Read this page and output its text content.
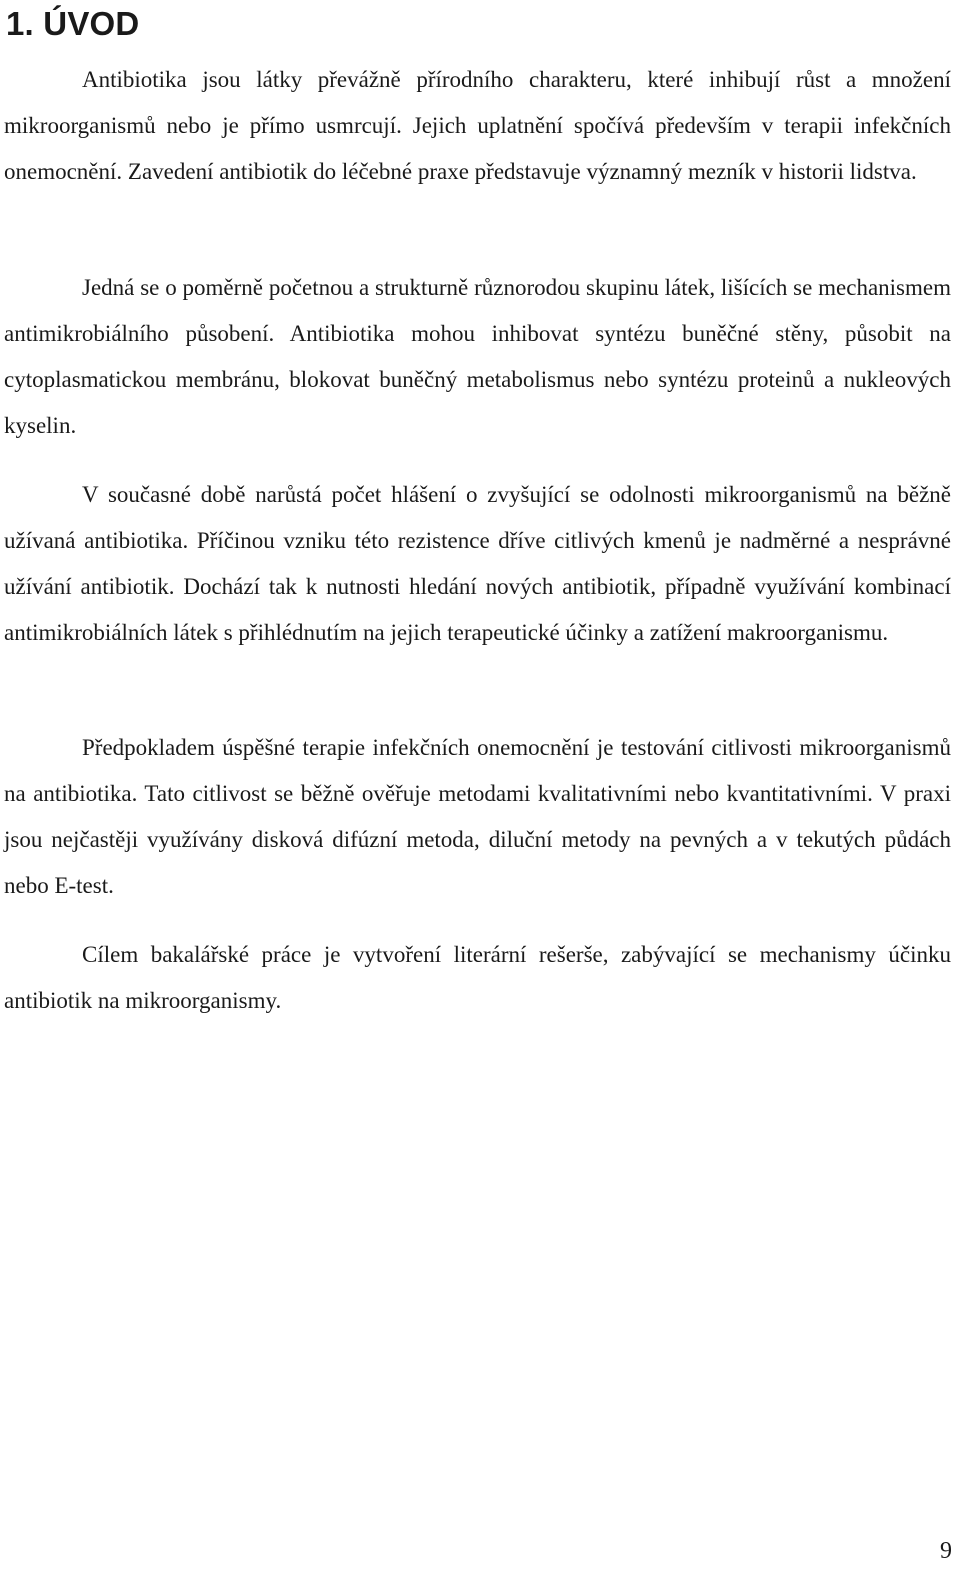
1. ÚVOD

Antibiotika jsou látky převážně přírodního charakteru, které inhibují růst a množení mikroorganismů nebo je přímo usmrcují. Jejich uplatnění spočívá především v terapii infekčních onemocnění. Zavedení antibiotik do léčebné praxe představuje významný mezník v historii lidstva.

Jedná se o poměrně početnou a strukturně různorodou skupinu látek, lišících se mechanismem antimikrobiálního působení. Antibiotika mohou inhibovat syntézu buněčné stěny, působit na cytoplasmatickou membránu, blokovat buněčný metabolismus nebo syntézu proteinů a nukleových kyselin.

V současné době narůstá počet hlášení o zvyšující se odolnosti mikroorganismů na běžně užívaná antibiotika. Příčinou vzniku této rezistence dříve citlivých kmenů je nadměrné a nesprávné užívání antibiotik. Dochází tak k nutnosti hledání nových antibiotik, případně využívání kombinací antimikrobiálních látek s přihlédnutím na jejich terapeutické účinky a zatížení makroorganismu.

Předpokladem úspěšné terapie infekčních onemocnění je testování citlivosti mikroorganismů na antibiotika. Tato citlivost se běžně ověřuje metodami kvalitativními nebo kvantitativními. V praxi jsou nejčastěji využívány disková difúzní metoda, diluční metody na pevných a v tekutých půdách nebo E-test.

Cílem bakalářské práce je vytvoření literární rešerše, zabývající se mechanismy účinku antibiotik na mikroorganismy.

9
